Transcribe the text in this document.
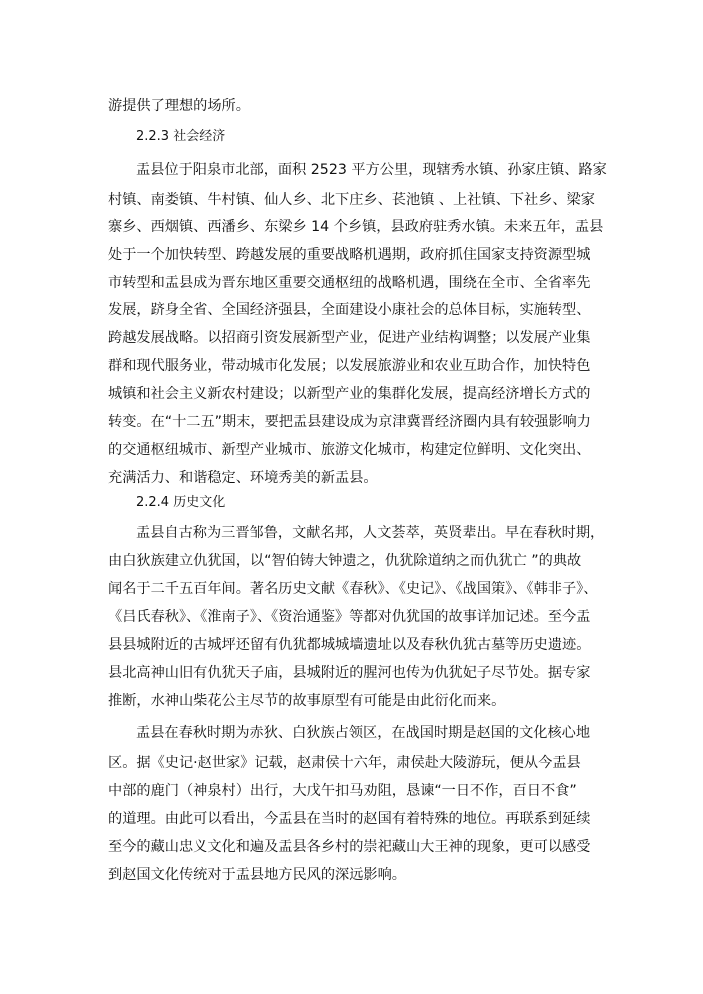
游提供了理想的场所。
2.2.3 社会经济
盂县位于阳泉市北部，面积 2523 平方公里，现辖秀水镇、孙家庄镇、路家
村镇、南娄镇、牛村镇、仙人乡、北下庄乡、苌池镇 、上社镇、下社乡、梁家
寨乡、西烟镇、西潘乡、东梁乡 14 个乡镇，县政府驻秀水镇。未来五年，盂县
处于一个加快转型、跨越发展的重要战略机遇期，政府抓住国家支持资源型城
市转型和盂县成为晋东地区重要交通枢纽的战略机遇，围绕在全市、全省率先
发展，跻身全省、全国经济强县，全面建设小康社会的总体目标，实施转型、
跨越发展战略。以招商引资发展新型产业，促进产业结构调整；以发展产业集
群和现代服务业，带动城市化发展；以发展旅游业和农业互助合作，加快特色
城镇和社会主义新农村建设；以新型产业的集群化发展，提高经济增长方式的
转变。在“十二五”期末，要把盂县建设成为京津冀晋经济圈内具有较强影响力
的交通枢纽城市、新型产业城市、旅游文化城市，构建定位鲜明、文化突出、
充满活力、和谐稳定、环境秀美的新盂县。
2.2.4 历史文化
盂县自古称为三晋邹鲁，文献名邦，人文荟萃，英贤辈出。早在春秋时期，
由白狄族建立仇犹国，以“智伯铸大钟遗之，仇犹除道纳之而仇犹亡 ”的典故
闻名于二千五百年间。著名历史文献《春秋》、《史记》、《战国策》、《韩非子》、
《吕氏春秋》、《淮南子》、《资治通鉴》等都对仇犹国的故事详加记述。至今盂
县县城附近的古城坪还留有仇犹都城城墙遗址以及春秋仇犹古墓等历史遗迹。
县北高神山旧有仇犹天子庙，县城附近的腥河也传为仇犹妃子尽节处。据专家
推断，水神山柴花公主尽节的故事原型有可能是由此衍化而来。
盂县在春秋时期为赤狄、白狄族占领区，在战国时期是赵国的文化核心地
区。据《史记·赵世家》记载，赵肃侯十六年，肃侯赴大陵游玩，便从今盂县
中部的鹿门（神泉村）出行，大戊午扣马劝阻，恳谏“一日不作，百日不食”
的道理。由此可以看出，今盂县在当时的赵国有着特殊的地位。再联系到延续
至今的藏山忠义文化和遍及盂县各乡村的崇祀藏山大王神的现象，更可以感受
到赵国文化传统对于盂县地方民风的深远影响。
